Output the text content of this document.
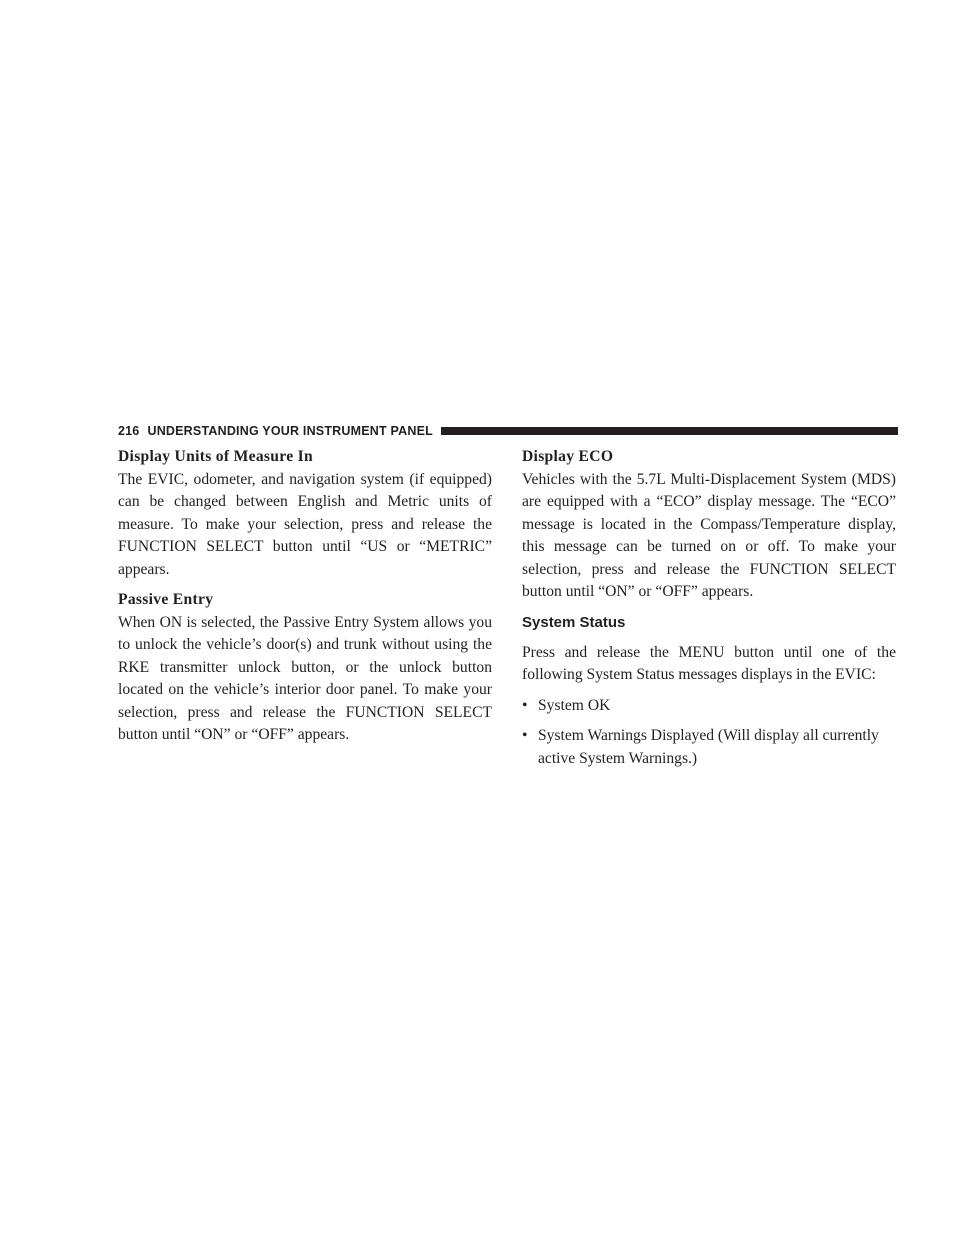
216 UNDERSTANDING YOUR INSTRUMENT PANEL
Display Units of Measure In

The EVIC, odometer, and navigation system (if equipped) can be changed between English and Metric units of measure. To make your selection, press and release the FUNCTION SELECT button until “US or “METRIC” appears.

Passive Entry

When ON is selected, the Passive Entry System allows you to unlock the vehicle’s door(s) and trunk without using the RKE transmitter unlock button, or the unlock button located on the vehicle’s interior door panel. To make your selection, press and release the FUNCTION SELECT button until “ON” or “OFF” appears.

Display ECO

Vehicles with the 5.7L Multi-Displacement System (MDS) are equipped with a “ECO” display message. The “ECO” message is located in the Compass/Temperature display, this message can be turned on or off. To make your selection, press and release the FUNCTION SELECT button until “ON” or “OFF” appears.

System Status

Press and release the MENU button until one of the following System Status messages displays in the EVIC:

• System OK
• System Warnings Displayed (Will display all currently active System Warnings.)
